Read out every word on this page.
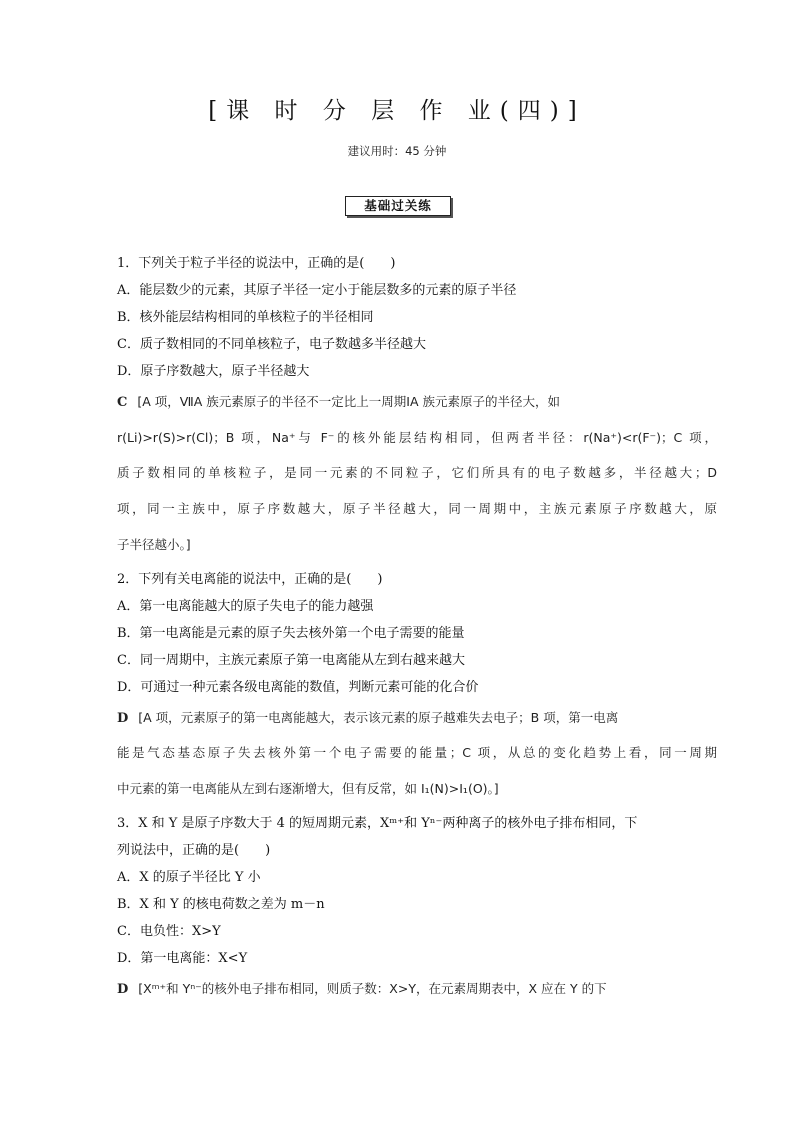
[课 时 分 层 作 业(四)]
建议用时：45 分钟
基础过关练
1．下列关于粒子半径的说法中，正确的是(　　)
A．能层数少的元素，其原子半径一定小于能层数多的元素的原子半径
B．核外能层结构相同的单核粒子的半径相同
C．质子数相同的不同单核粒子，电子数越多半径越大
D．原子序数越大，原子半径越大
C [A 项，ⅦA 族元素原子的半径不一定比上一周期ⅠA 族元素原子的半径大，如
r(Li)>r(S)>r(Cl)；B 项，Na⁺与 F⁻的核外能层结构相同，但两者半径：r(Na⁺)<r(F⁻)；C 项，
质子数相同的单核粒子，是同一元素的不同粒子，它们所具有的电子数越多，半径越大；D
项，同一主族中，原子序数越大，原子半径越大，同一周期中，主族元素原子序数越大，原
子半径越小。]
2．下列有关电离能的说法中，正确的是(　　)
A．第一电离能越大的原子失电子的能力越强
B．第一电离能是元素的原子失去核外第一个电子需要的能量
C．同一周期中，主族元素原子第一电离能从左到右越来越大
D．可通过一种元素各级电离能的数值，判断元素可能的化合价
D [A 项，元素原子的第一电离能越大，表示该元素的原子越难失去电子；B 项，第一电离
能是气态基态原子失去核外第一个电子需要的能量；C 项，从总的变化趋势上看，同一周期
中元素的第一电离能从左到右逐渐增大，但有反常，如 I₁(N)>I₁(O)。]
3．X 和 Y 是原子序数大于 4 的短周期元素，Xᵐ⁺和 Yⁿ⁻两种离子的核外电子排布相同，下
列说法中，正确的是(　　)
A．X 的原子半径比 Y 小
B．X 和 Y 的核电荷数之差为 m－n
C．电负性：X>Y
D．第一电离能：X<Y
D [Xᵐ⁺和 Yⁿ⁻的核外电子排布相同，则质子数：X>Y，在元素周期表中，X 应在 Y 的下
